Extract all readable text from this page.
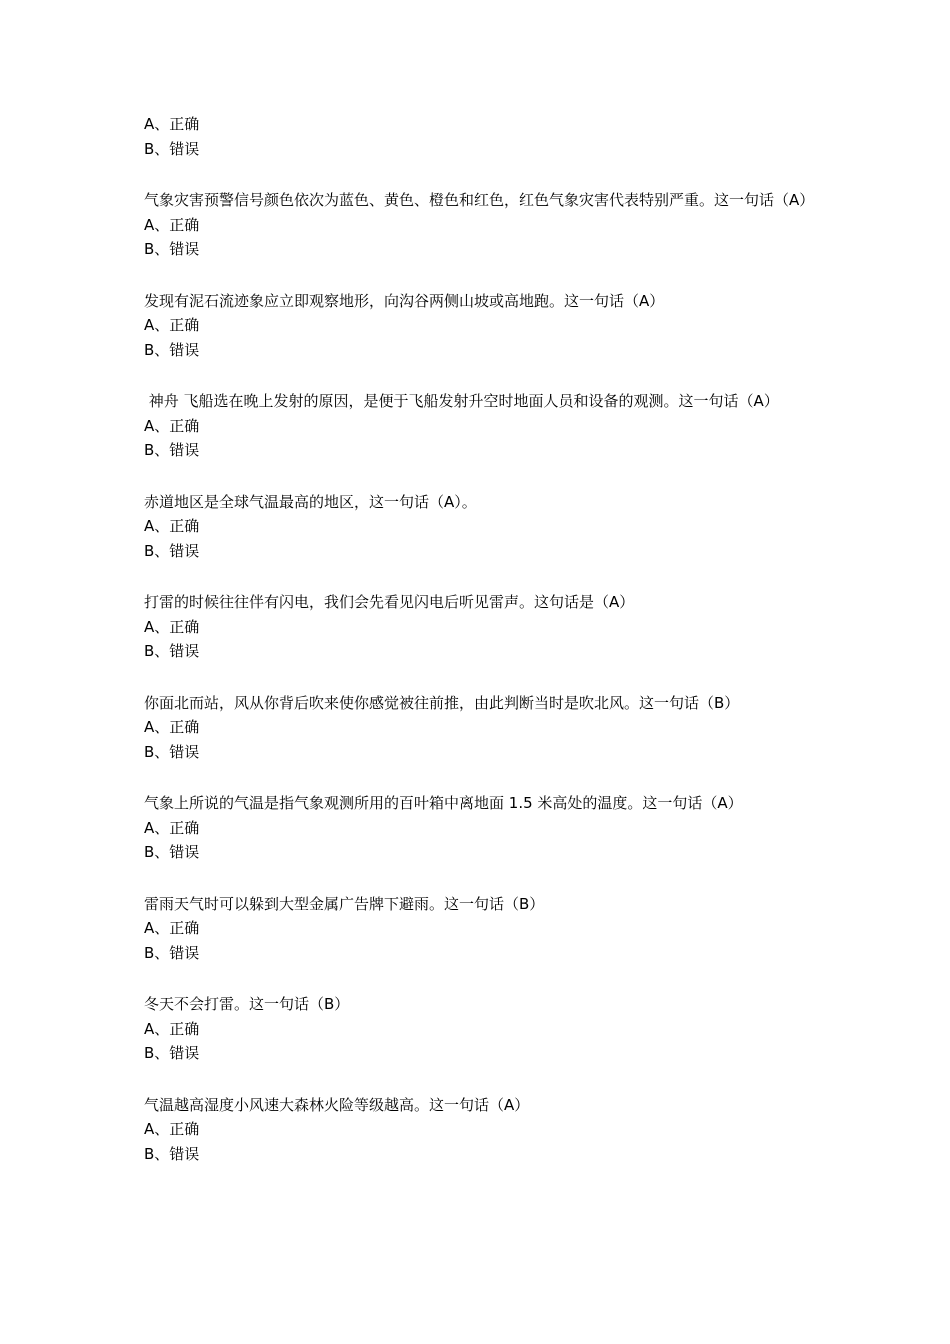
A、正确
B、错误
气象灾害预警信号颜色依次为蓝色、黄色、橙色和红色，红色气象灾害代表特别严重。这一句话（A）
A、正确
B、错误
发现有泥石流迹象应立即观察地形，向沟谷两侧山坡或高地跑。这一句话（A）
A、正确
B、错误
神舟 飞船选在晚上发射的原因，是便于飞船发射升空时地面人员和设备的观测。这一句话（A）
A、正确
B、错误
赤道地区是全球气温最高的地区，这一句话（A）。
A、正确
B、错误
打雷的时候往往伴有闪电，我们会先看见闪电后听见雷声。这句话是（A）
A、正确
B、错误
你面北而站，风从你背后吹来使你感觉被往前推，由此判断当时是吹北风。这一句话（B）
A、正确
B、错误
气象上所说的气温是指气象观测所用的百叶箱中离地面 1.5 米高处的温度。这一句话（A）
A、正确
B、错误
雷雨天气时可以躲到大型金属广告牌下避雨。这一句话（B）
A、正确
B、错误
冬天不会打雷。这一句话（B）
A、正确
B、错误
气温越高湿度小风速大森林火险等级越高。这一句话（A）
A、正确
B、错误
